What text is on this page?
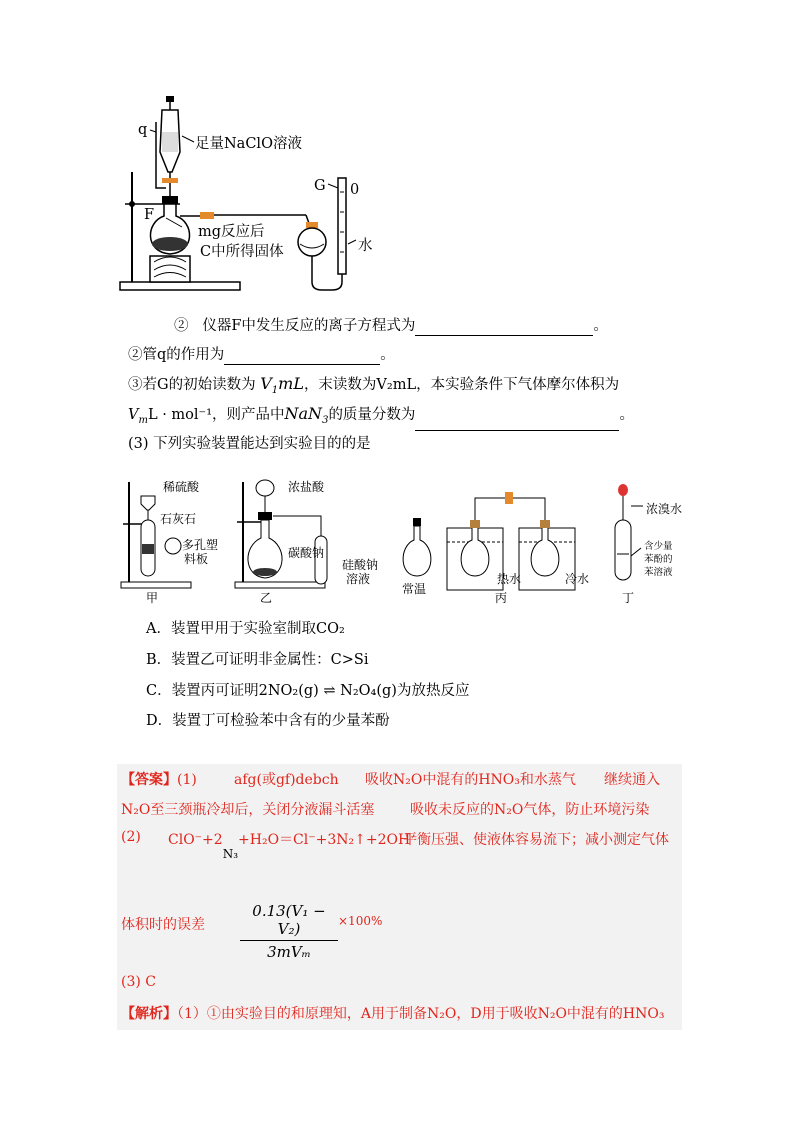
q
足量NaClO溶液
G 0
F
mg反应后
C中所得固体	水
② 仪器F中发生反应的离子方程式为	。
②管q的作用为	。
③若G的初始读数为 $V_1mL$，末读数为V₂mL，本实验条件下气体摩尔体积为
$V_mL \cdot mol^{-1}$，则产品中NaN$_3$的质量分数为	。
(3) 下列实验装置能达到实验目的的是
稀硫酸
石灰石
多孔塑
料板
甲
浓盐酸
碳酸钠
硅酸钠
溶液
乙
常温
热水	冷水
丙
浓溴水
含少量
苯酚的
苯溶液
丁
A．装置甲用于实验室制取CO₂
B．装置乙可证明非金属性：C>Si
C．装置丙可证明2NO₂(g) ⇌ N₂O₄(g)为放热反应
D．装置丁可检验苯中含有的少量苯酚
【答案】(1)	afg(或gf)debch 吸收N₂O中混有的HNO₃和水蒸气 继续通入
N₂O至三颈瓶冷却后，关闭分液漏斗活塞	吸收未反应的N₂O气体，防止环境污染
(2) ClO⁻+2N₃+H₂O＝Cl⁻+3N₂↑+2OH⁻
平衡压强、使液体容易流下；减小测定气体
体积时的误差
0.13(V₁ − V₂)
3mVₘ
×100%
(3) C
【解析】（1）①由实验目的和原理知，A用于制备N₂O，D用于吸收N₂O中混有的HNO₃
